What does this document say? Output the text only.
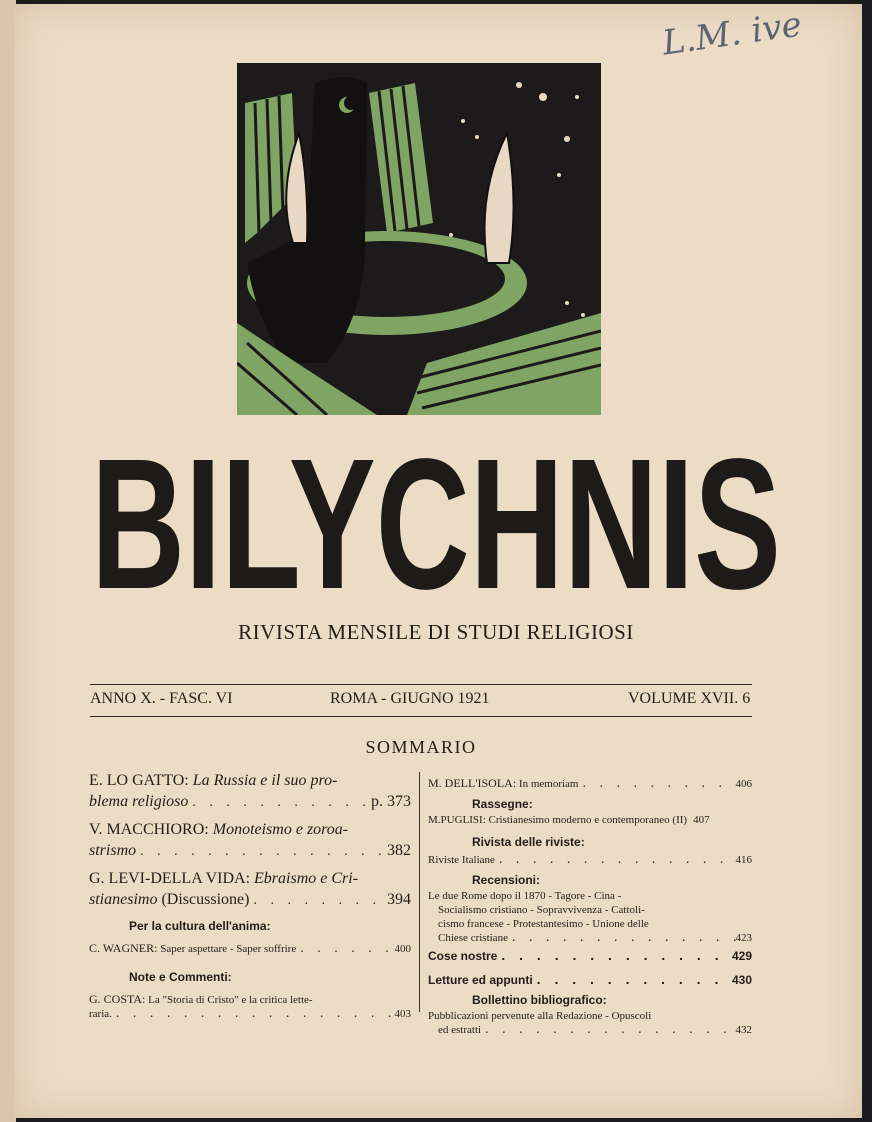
L.M. ive
BILYCHNIS
RIVISTA MENSILE DI STUDI RELIGIOSI
ANNO X. - FASC. VI	ROMA - GIUGNO 1921	VOLUME XVII. 6
SOMMARIO
E. LO GATTO: La Russia e il suo pro-
blema religioso . . .	p. 373
V. MACCHIORO: Monoteismo e zoroa-
strismo . . .	382
G. LEVI-DELLA VIDA: Ebraismo e Cri-
stianesimo (Discussione) . . .	394
Per la cultura dell'anima:
C. WAGNER: Saper aspettare - Saper soffrire . . .	400
Note e Commenti:
G. COSTA: La "Storia di Cristo" e la critica lette-
raria. . . .	403
M. DELL'ISOLA: In memoriam . . .	406
Rassegne:
M.PUGLISI: Cristianesimo moderno e contemporaneo (II) 407
Rivista delle riviste:
Riviste Italiane . . .	416
Recensioni:
Le due Rome dopo il 1870 - Tagore - Cina -
Socialismo cristiano - Sopravvivenza - Cattoli-
cismo francese - Protestantesimo - Unione delle
Chiese cristiane . . .	423
Cose nostre . . .	429
Letture ed appunti . . .	430
Bollettino bibliografico:
Pubblicazioni pervenute alla Redazione - Opuscoli
ed estratti . . .	432
